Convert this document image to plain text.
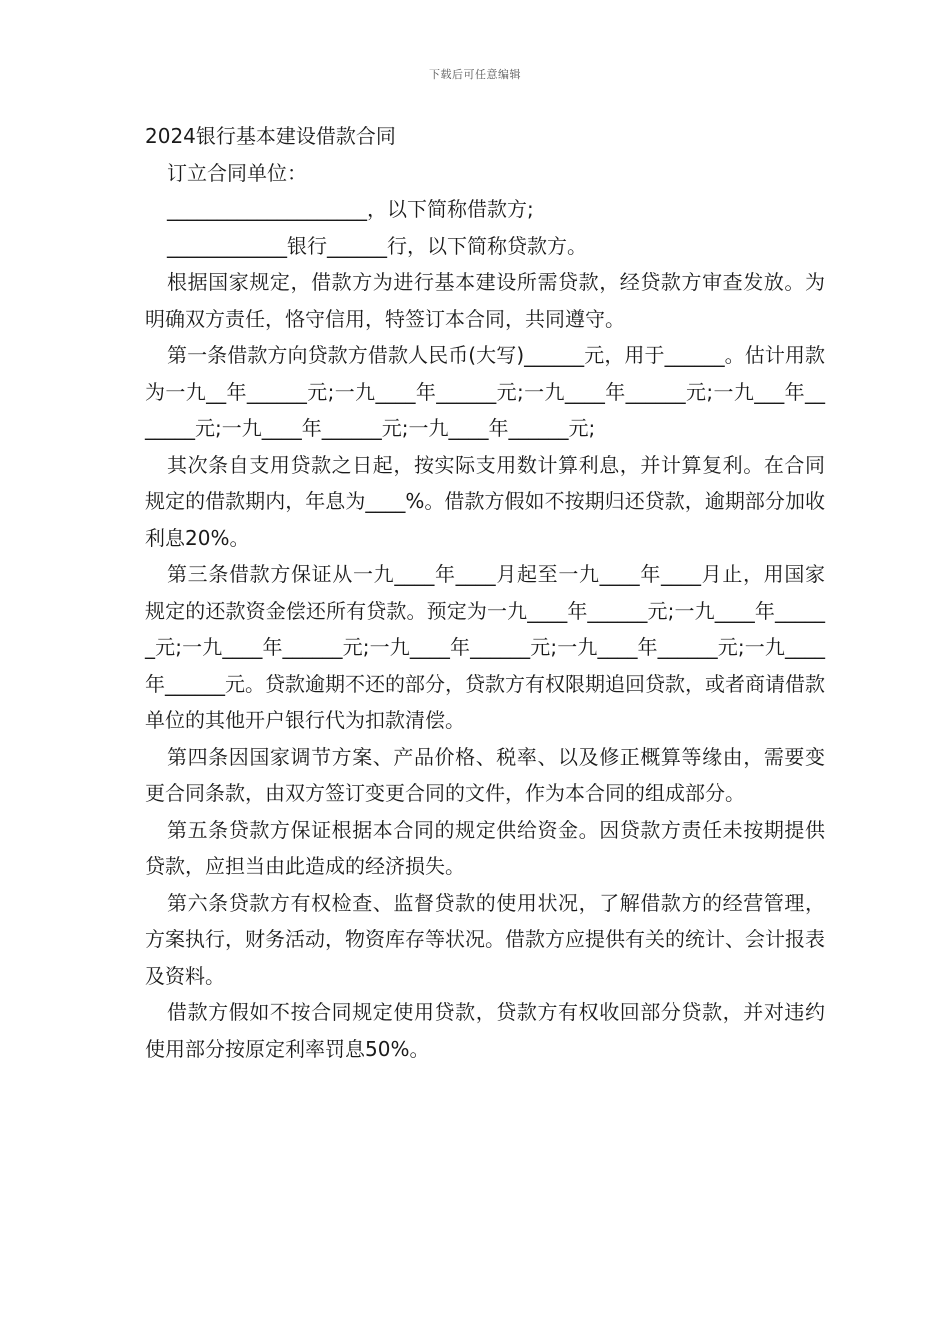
下载后可任意编辑

2024银行基本建设借款合同

订立合同单位：

____________________，以下简称借款方;

____________银行______行，以下简称贷款方。

根据国家规定，借款方为进行基本建设所需贷款，经贷款方审查发放。为明确双方责任，恪守信用，特签订本合同，共同遵守。

第一条借款方向贷款方借款人民币(大写)______元，用于______。估计用款为一九__年______元;一九____年______元;一九____年______元;一九___年_______元;一九____年______元;一九____年______元;

其次条自支用贷款之日起，按实际支用数计算利息，并计算复利。在合同规定的借款期内，年息为____%。借款方假如不按期归还贷款，逾期部分加收利息20%。

第三条借款方保证从一九____年____月起至一九____年____月止，用国家规定的还款资金偿还所有贷款。预定为一九____年______元;一九____年______元;一九____年______元;一九____年______元;一九____年______元;一九____年______元。贷款逾期不还的部分，贷款方有权限期追回贷款，或者商请借款单位的其他开户银行代为扣款清偿。

第四条因国家调节方案、产品价格、税率、以及修正概算等缘由，需要变更合同条款，由双方签订变更合同的文件，作为本合同的组成部分。

第五条贷款方保证根据本合同的规定供给资金。因贷款方责任未按期提供贷款，应担当由此造成的经济损失。

第六条贷款方有权检查、监督贷款的使用状况，了解借款方的经营管理，方案执行，财务活动，物资库存等状况。借款方应提供有关的统计、会计报表及资料。

借款方假如不按合同规定使用贷款，贷款方有权收回部分贷款，并对违约使用部分按原定利率罚息50%。
